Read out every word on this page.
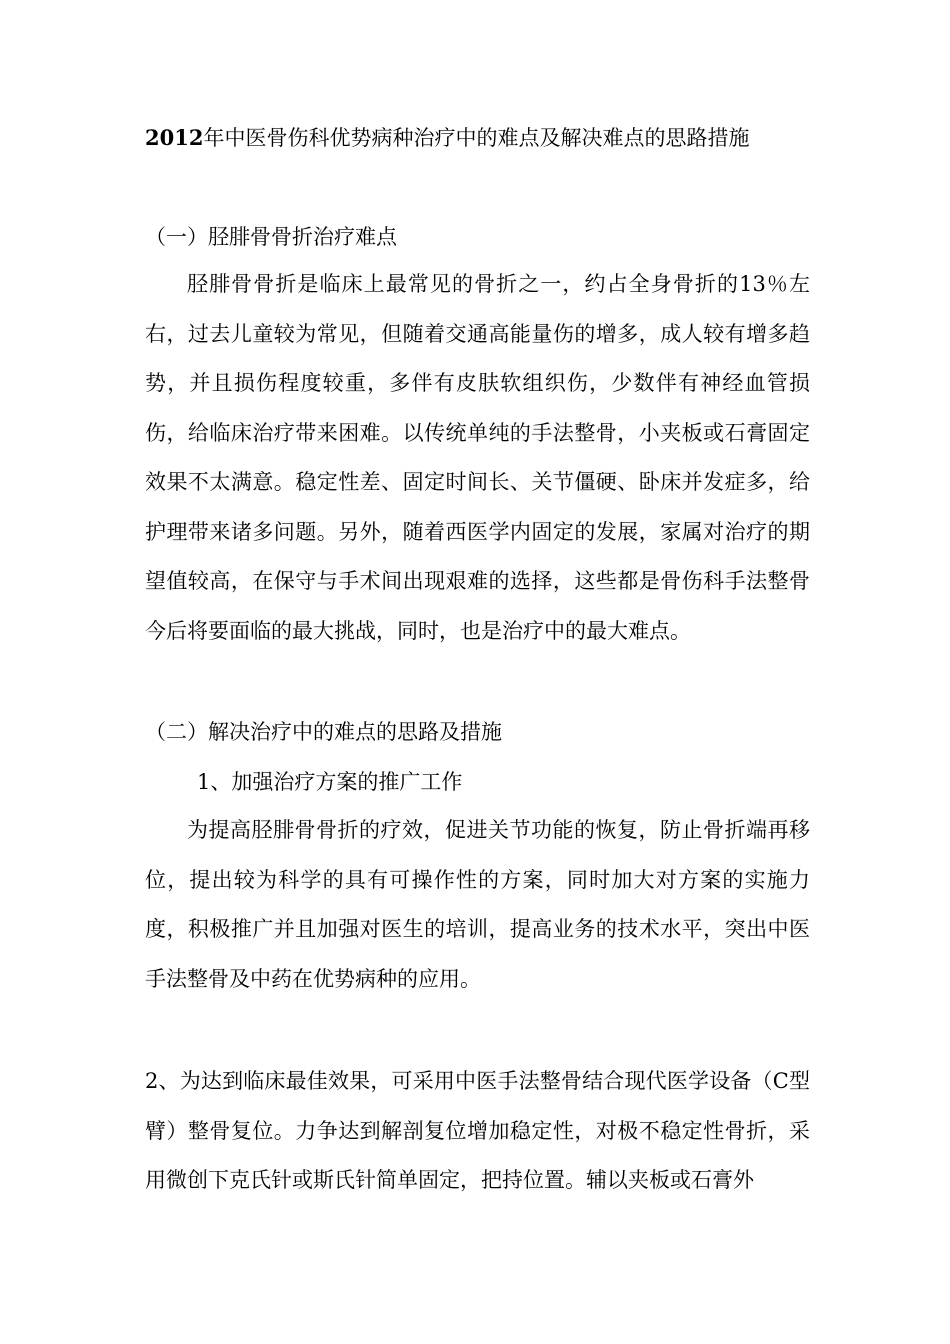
2012年中医骨伤科优势病种治疗中的难点及解决难点的思路措施
（一）胫腓骨骨折治疗难点

胫腓骨骨折是临床上最常见的骨折之一，约占全身骨折的13％左右，过去儿童较为常见，但随着交通高能量伤的增多，成人较有增多趋势，并且损伤程度较重，多伴有皮肤软组织伤，少数伴有神经血管损伤，给临床治疗带来困难。以传统单纯的手法整骨，小夹板或石膏固定效果不太满意。稳定性差、固定时间长、关节僵硬、卧床并发症多，给护理带来诸多问题。另外，随着西医学内固定的发展，家属对治疗的期望值较高，在保守与手术间出现艰难的选择，这些都是骨伤科手法整骨今后将要面临的最大挑战，同时，也是治疗中的最大难点。

（二）解决治疗中的难点的思路及措施
1、加强治疗方案的推广工作

为提高胫腓骨骨折的疗效，促进关节功能的恢复，防止骨折端再移位，提出较为科学的具有可操作性的方案，同时加大对方案的实施力度，积极推广并且加强对医生的培训，提高业务的技术水平，突出中医手法整骨及中药在优势病种的应用。

2、为达到临床最佳效果，可采用中医手法整骨结合现代医学设备（C型臂）整骨复位。力争达到解剖复位增加稳定性，对极不稳定性骨折，采用微创下克氏针或斯氏针简单固定，把持位置。辅以夹板或石膏外
